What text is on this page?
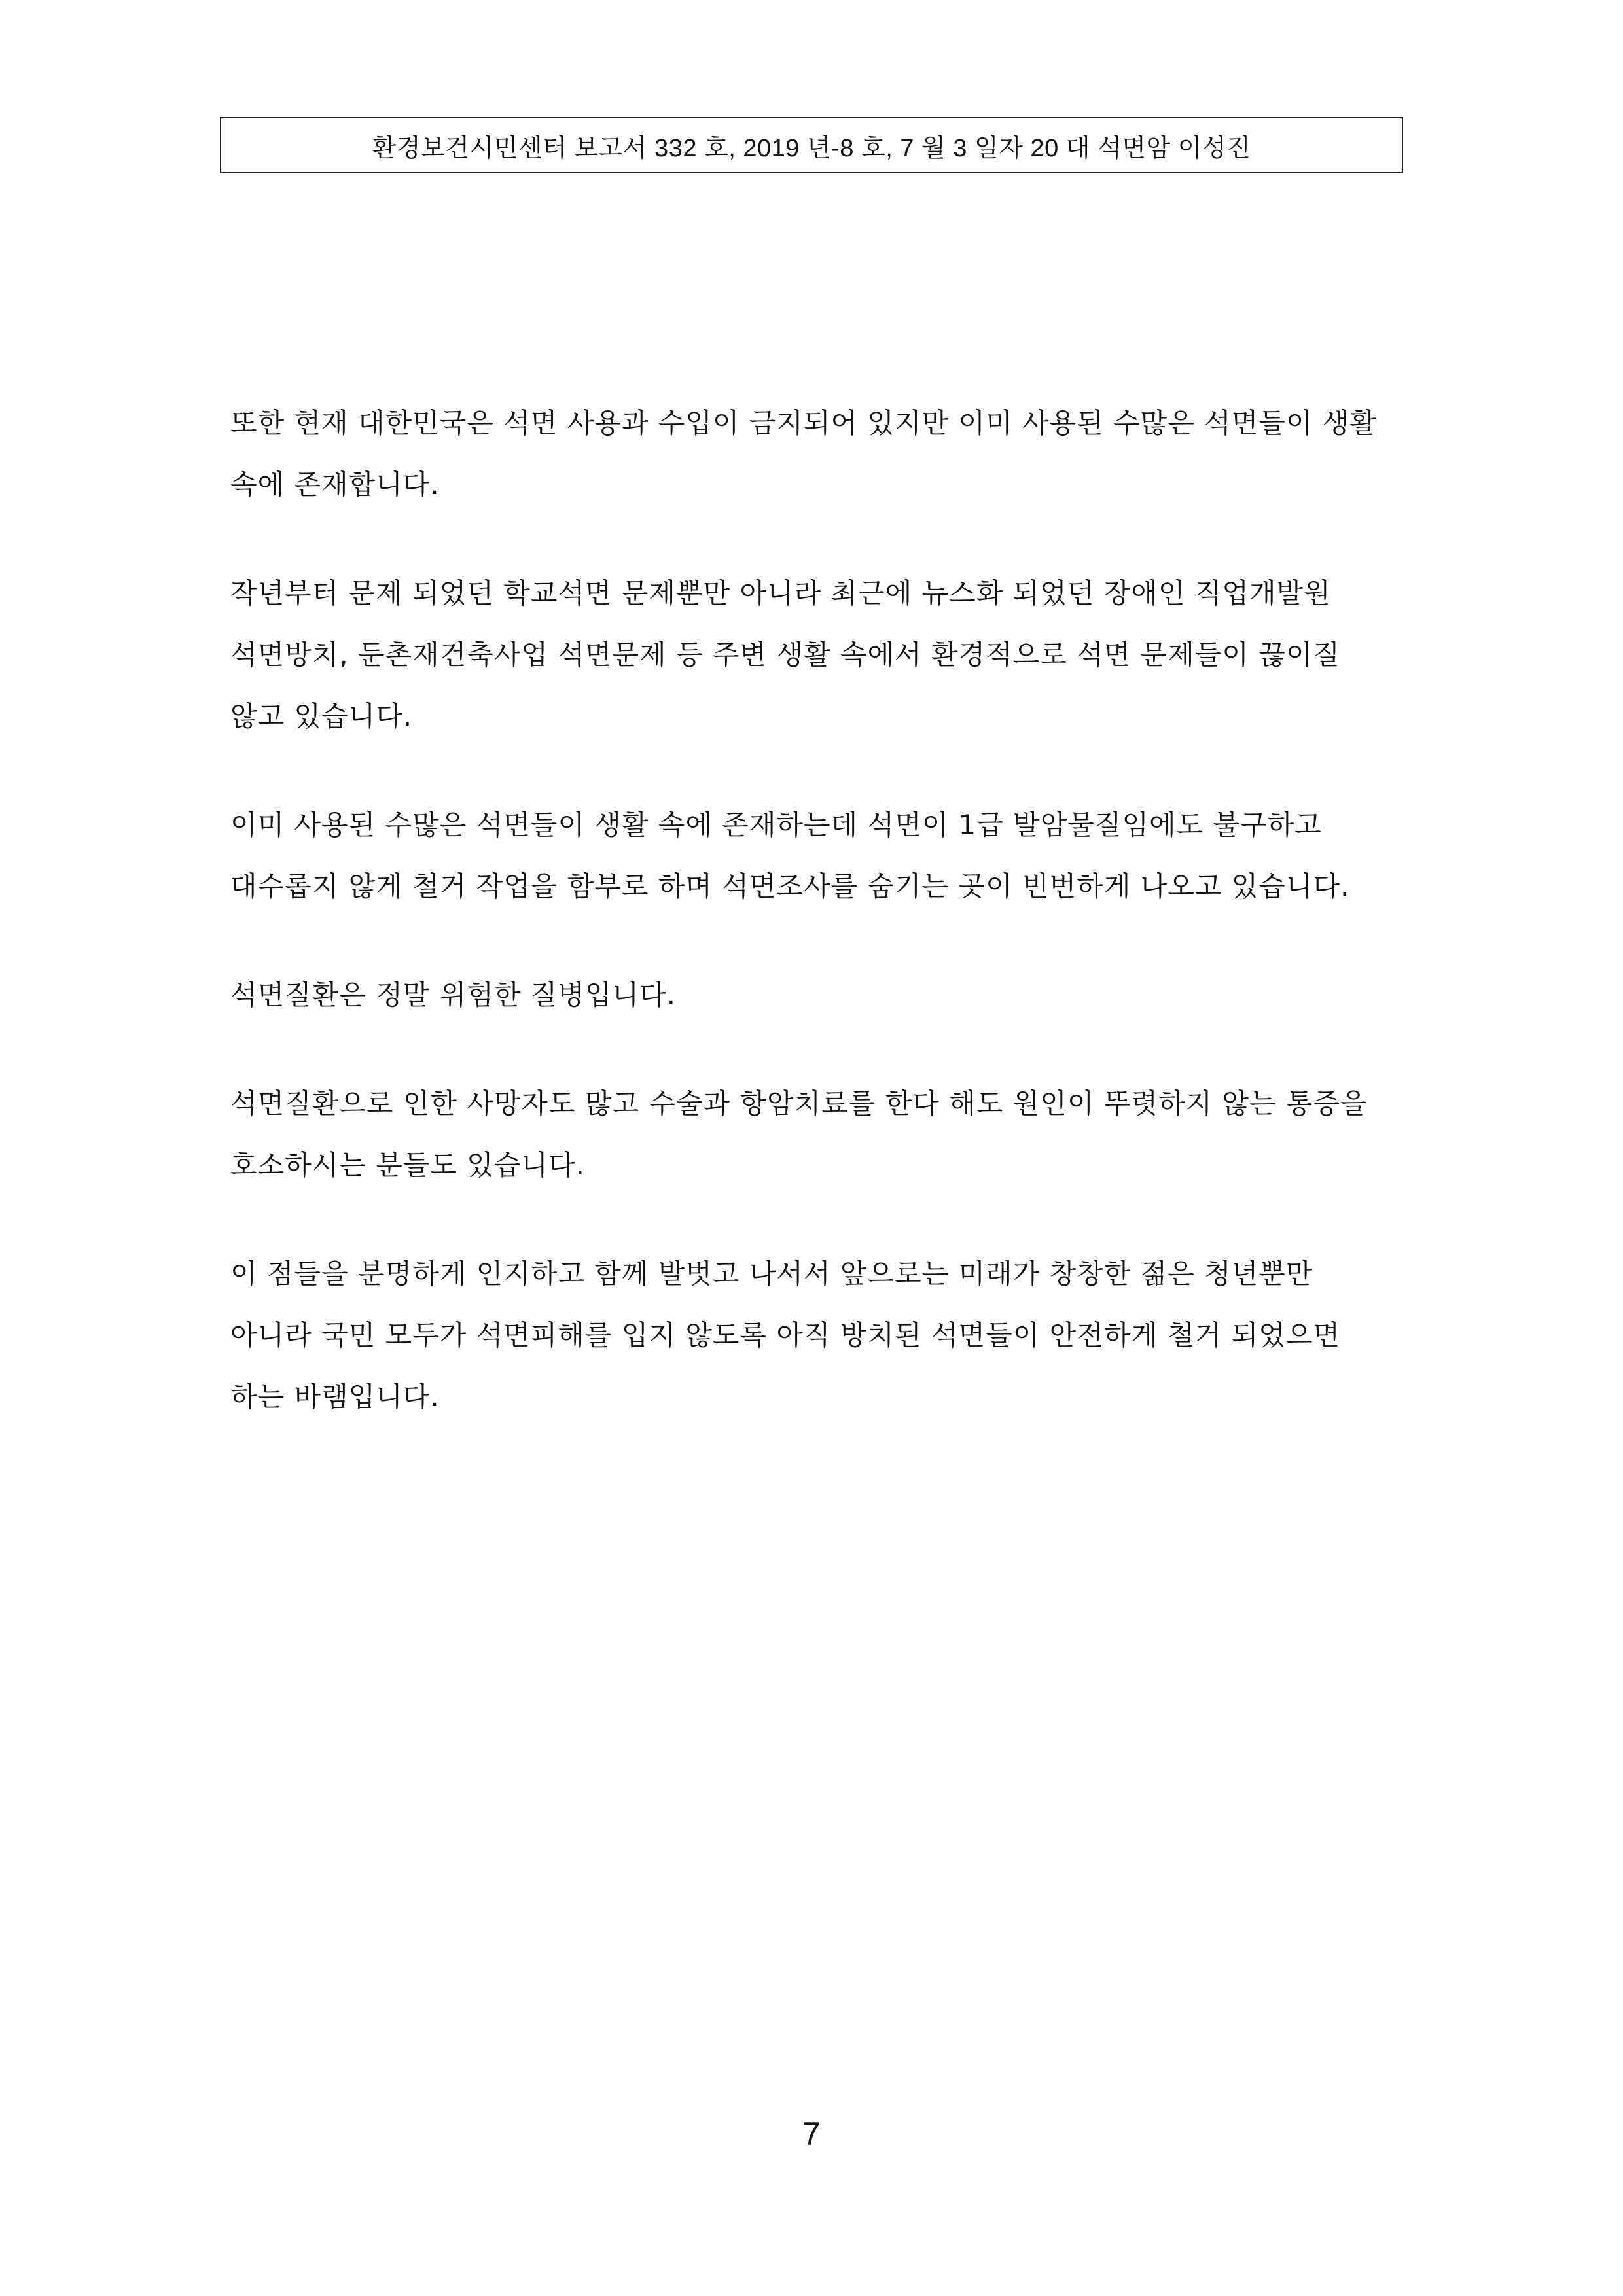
환경보건시민센터 보고서 332 호, 2019 년-8 호, 7 월 3 일자 20 대 석면암 이성진

또한 현재 대한민국은 석면 사용과 수입이 금지되어 있지만 이미 사용된 수많은 석면들이 생활
속에 존재합니다.

작년부터 문제 되었던 학교석면 문제뿐만 아니라 최근에 뉴스화 되었던 장애인 직업개발원
석면방치, 둔촌재건축사업 석면문제 등 주변 생활 속에서 환경적으로 석면 문제들이 끊이질
않고 있습니다.

이미 사용된 수많은 석면들이 생활 속에 존재하는데 석면이 1급 발암물질임에도 불구하고
대수롭지 않게 철거 작업을 함부로 하며 석면조사를 숨기는 곳이 빈번하게 나오고 있습니다.

석면질환은 정말 위험한 질병입니다.

석면질환으로 인한 사망자도 많고 수술과 항암치료를 한다 해도 원인이 뚜렷하지 않는 통증을
호소하시는 분들도 있습니다.

이 점들을 분명하게 인지하고 함께 발벗고 나서서 앞으로는 미래가 창창한 젊은 청년뿐만
아니라 국민 모두가 석면피해를 입지 않도록 아직 방치된 석면들이 안전하게 철거 되었으면
하는 바램입니다.

7
